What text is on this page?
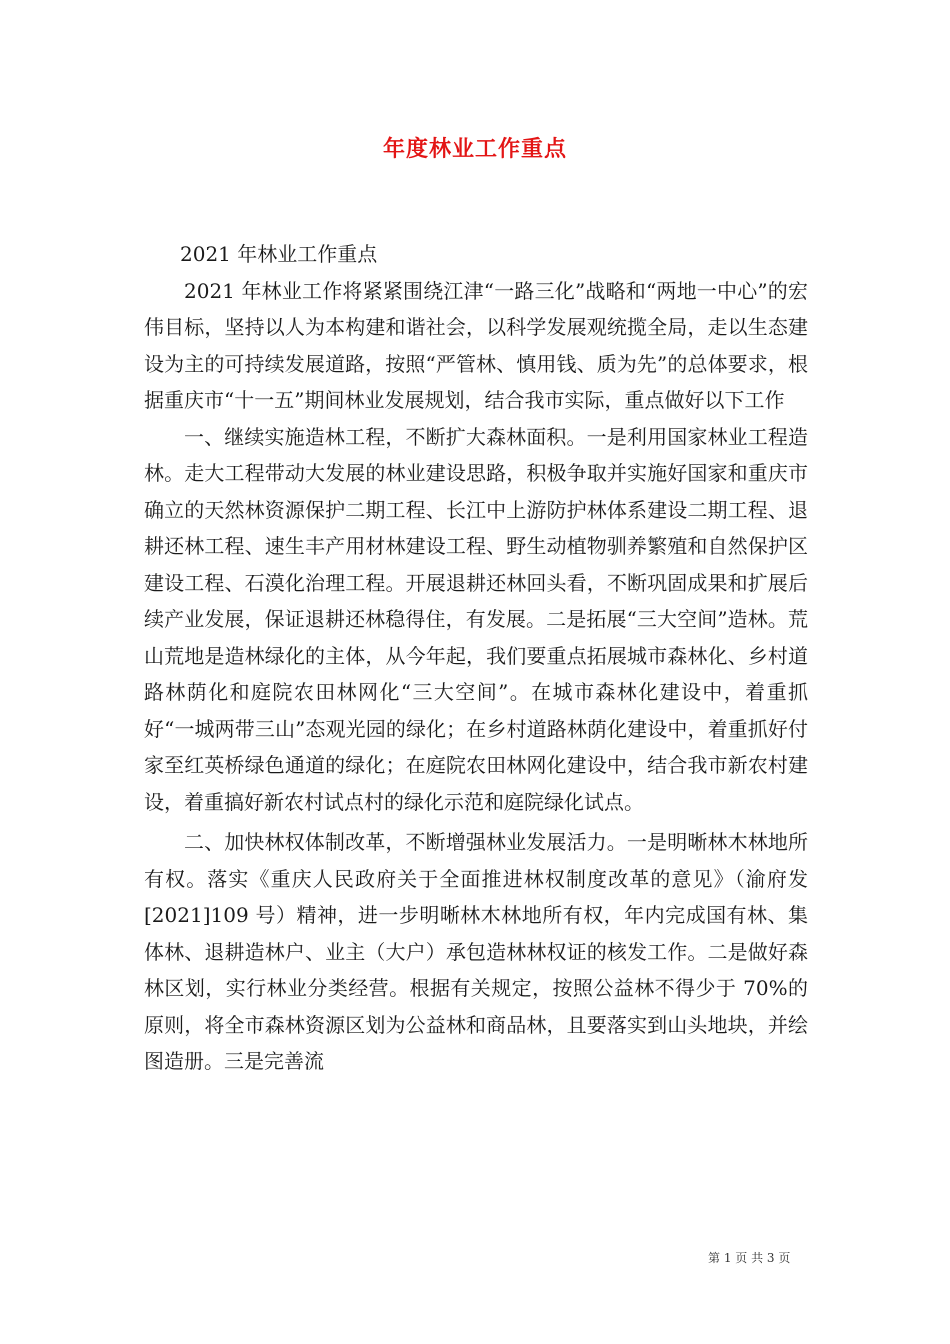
年度林业工作重点

2021 年林业工作重点

2021 年林业工作将紧紧围绕江津“一路三化”战略和“两地一中心”的宏伟目标，坚持以人为本构建和谐社会，以科学发展观统揽全局，走以生态建设为主的可持续发展道路，按照“严管林、慎用钱、质为先”的总体要求，根据重庆市“十一五”期间林业发展规划，结合我市实际，重点做好以下工作

一、继续实施造林工程，不断扩大森林面积。一是利用国家林业工程造林。走大工程带动大发展的林业建设思路，积极争取并实施好国家和重庆市确立的天然林资源保护二期工程、长江中上游防护林体系建设二期工程、退耕还林工程、速生丰产用材林建设工程、野生动植物驯养繁殖和自然保护区建设工程、石漠化治理工程。开展退耕还林回头看，不断巩固成果和扩展后续产业发展，保证退耕还林稳得住，有发展。二是拓展“三大空间”造林。荒山荒地是造林绿化的主体，从今年起，我们要重点拓展城市森林化、乡村道路林荫化和庭院农田林网化“三大空间”。在城市森林化建设中，着重抓好“一城两带三山”态观光园的绿化；在乡村道路林荫化建设中，着重抓好付家至红英桥绿色通道的绿化；在庭院农田林网化建设中，结合我市新农村建设，着重搞好新农村试点村的绿化示范和庭院绿化试点。

二、加快林权体制改革，不断增强林业发展活力。一是明晰林木林地所有权。落实《重庆人民政府关于全面推进林权制度改革的意见》（渝府发[2021]109 号）精神，进一步明晰林木林地所有权，年内完成国有林、集体林、退耕造林户、业主（大户）承包造林林权证的核发工作。二是做好森林区划，实行林业分类经营。根据有关规定，按照公益林不得少于 70%的原则，将全市森林资源区划为公益林和商品林，且要落实到山头地块，并绘图造册。三是完善流

第 1 页 共 3 页
